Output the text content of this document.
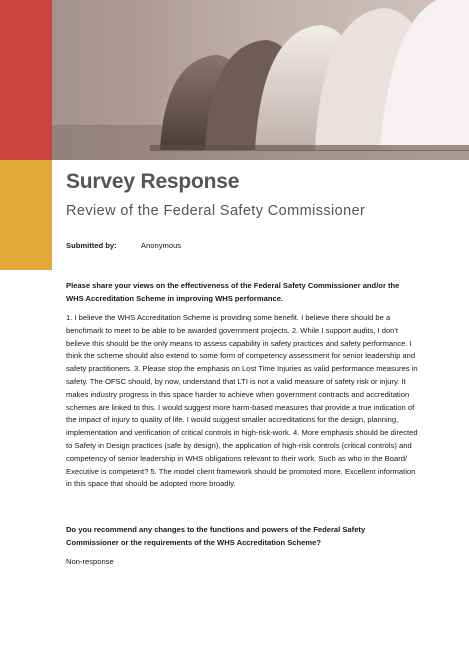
Survey Response
Review of the Federal Safety Commissioner
Submitted by:	Anonymous
Please share your views on the effectiveness of the Federal Safety Commissioner and/or the WHS Accreditation Scheme in improving WHS performance.
1. I believe the WHS Accreditation Scheme is providing some benefit. I believe there should be a benchmark to meet to be able to be awarded government projects. 2. While I support audits, I don't believe this should be the only means to assess capability in safety practices and safety performance. I think the scheme should also extend to some form of competency assessment for senior leadership and safety practitioners. 3. Please stop the emphasis on Lost Time Injuries as valid performance measures in safety. The OFSC should, by now, understand that LTI is not a valid measure of safety risk or injury. It makes industry progress in this space harder to achieve when government contracts and accreditation schemes are linked to this. I would suggest more harm-based measures that provide a true indication of the impact of injury to quality of life. I would suggest smaller accreditations for the design, planning, implementation and verification of critical controls in high-risk-work. 4. More emphasis should be directed to Safety in Design practices (safe by design), the application of high-risk controls (critical controls) and competency of senior leadership in WHS obligations relevant to their work. Such as who in the Board/ Executive is competent? 5. The model client framework should be promoted more. Excellent information in this space that should be adopted more broadly.
Do you recommend any changes to the functions and powers of the Federal Safety Commissioner or the requirements of the WHS Accreditation Scheme?
Non-response
